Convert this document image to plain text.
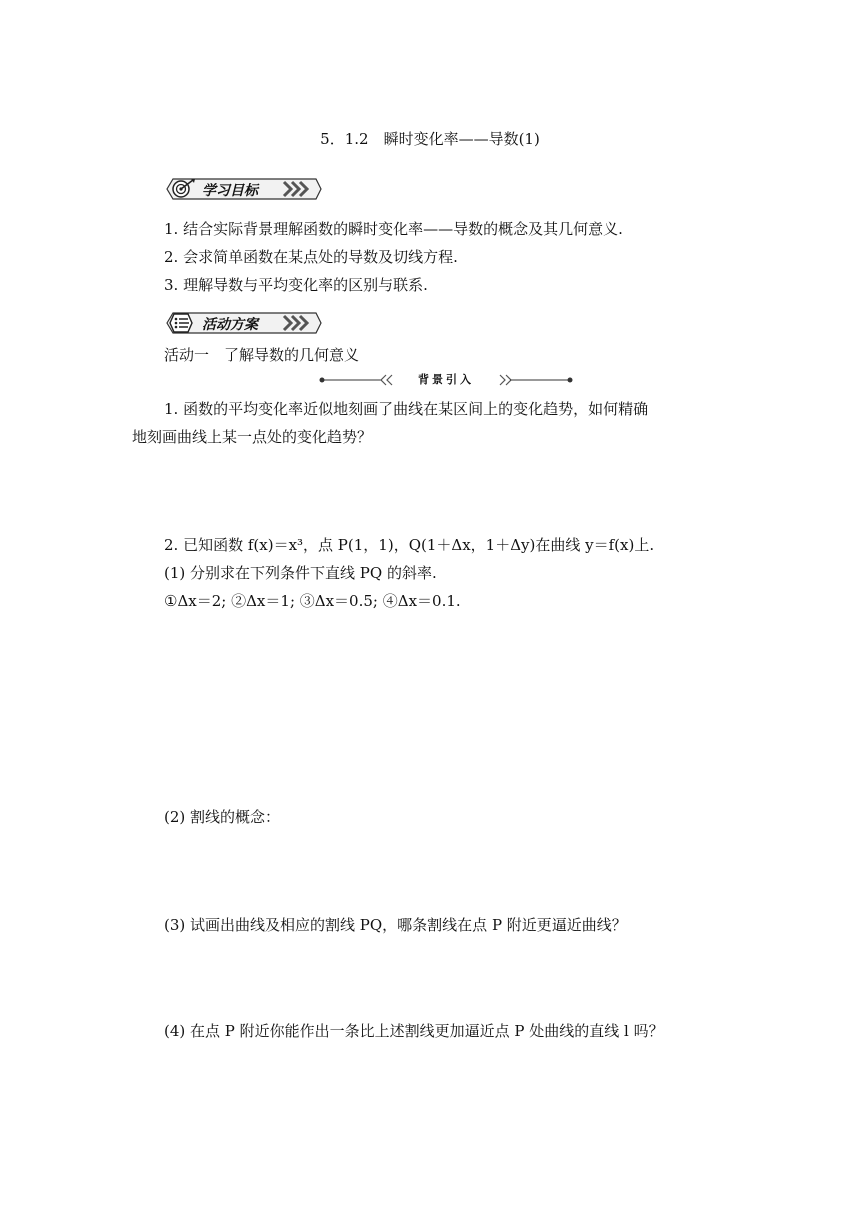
5．1.2　瞬时变化率——导数(1)
学习目标
1. 结合实际背景理解函数的瞬时变化率——导数的概念及其几何意义.
2. 会求简单函数在某点处的导数及切线方程.
3. 理解导数与平均变化率的区别与联系.
活动方案
活动一　了解导数的几何意义
背景引入
1. 函数的平均变化率近似地刻画了曲线在某区间上的变化趋势，如何精确
地刻画曲线上某一点处的变化趋势？
2. 已知函数 f(x)＝x³，点 P(1，1)，Q(1＋Δx，1＋Δy)在曲线 y＝f(x)上.
(1) 分别求在下列条件下直线 PQ 的斜率.
①Δx＝2; ②Δx＝1; ③Δx＝0.5; ④Δx＝0.1.
(2) 割线的概念：
(3) 试画出曲线及相应的割线 PQ，哪条割线在点 P 附近更逼近曲线？
(4) 在点 P 附近你能作出一条比上述割线更加逼近点 P 处曲线的直线 l 吗？
